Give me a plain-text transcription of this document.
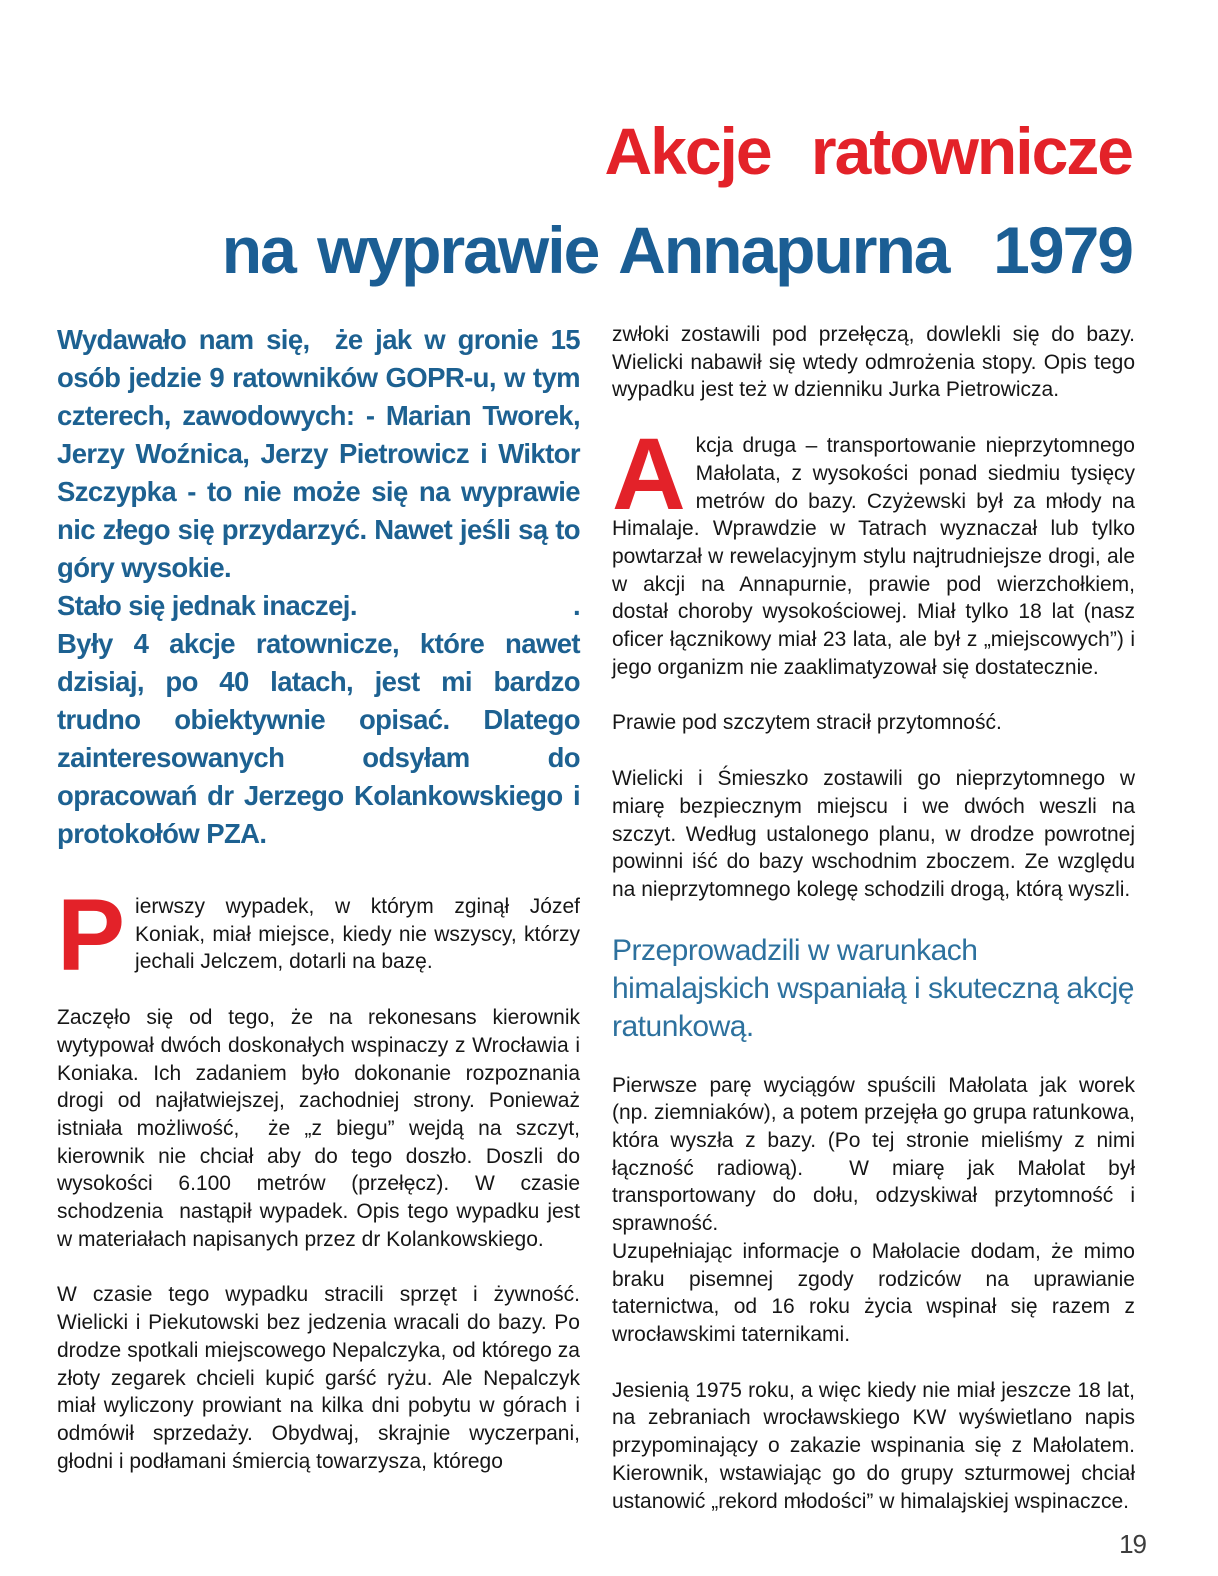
Akcje ratownicze
na wyprawie Annapurna  1979

Wydawało nam się,  że jak w gronie 15 osób jedzie 9 ratowników GOPR-u, w tym czterech, zawodowych: - Marian Tworek, Jerzy Woźnica, Jerzy Pietrowicz i Wiktor Szczypka - to nie może się na wyprawie nic złego się przydarzyć. Nawet jeśli są to góry wysokie.

Stało się jednak inaczej.	.

Były 4 akcje ratownicze, które nawet dzisiaj, po 40 latach, jest mi bardzo trudno obiektywnie opisać. Dlatego zainteresowanych odsyłam do opracowań dr Jerzego Kolankowskiego i protokołów PZA.

Pierwszy wypadek, w którym zginął Józef Koniak, miał miejsce, kiedy nie wszyscy, którzy jechali Jelczem, dotarli na bazę.

Zaczęło się od tego, że na rekonesans kierownik wytypował dwóch doskonałych wspinaczy z Wrocławia i Koniaka. Ich zadaniem było dokonanie rozpoznania drogi od najłatwiejszej, zachodniej strony. Ponieważ istniała możliwość,  że „z biegu” wejdą na szczyt, kierownik nie chciał aby do tego doszło. Doszli do wysokości 6.100 metrów (przełęcz). W czasie schodzenia  nastąpił wypadek. Opis tego wypadku jest w materiałach napisanych przez dr Kolankowskiego.

W czasie tego wypadku stracili sprzęt i żywność. Wielicki i Piekutowski bez jedzenia wracali do bazy. Po drodze spotkali miejscowego Nepalczyka, od którego za złoty zegarek chcieli kupić garść ryżu. Ale Nepalczyk miał wyliczony prowiant na kilka dni pobytu w górach i odmówił sprzedaży. Obydwaj, skrajnie wyczerpani, głodni i podłamani śmiercią towarzysza, którego

zwłoki zostawili pod przełęczą, dowlekli się do bazy. Wielicki nabawił się wtedy odmrożenia stopy. Opis tego wypadku jest też w dzienniku Jurka Pietrowicza.

Akcja druga – transportowanie nieprzytomnego Małolata, z wysokości ponad siedmiu tysięcy metrów do bazy. Czyżewski był za młody na Himalaje. Wprawdzie w Tatrach wyznaczał lub tylko powtarzał w rewelacyjnym stylu najtrudniejsze drogi, ale w akcji na Annapurnie, prawie pod wierzchołkiem, dostał choroby wysokościowej. Miał tylko 18 lat (nasz oficer łącznikowy miał 23 lata, ale był z „miejscowych”) i jego organizm nie zaaklimatyzował się dostatecznie.

Prawie pod szczytem stracił przytomność.

Wielicki i Śmieszko zostawili go nieprzytomnego w miarę bezpiecznym miejscu i we dwóch weszli na szczyt. Według ustalonego planu, w drodze powrotnej powinni iść do bazy wschodnim zboczem. Ze względu na nieprzytomnego kolegę schodzili drogą, którą wyszli.

Przeprowadzili w warunkach himalajskich wspaniałą i skuteczną akcję ratunkową.

Pierwsze parę wyciągów spuścili Małolata jak worek (np. ziemniaków), a potem przejęła go grupa ratunkowa, która wyszła z bazy. (Po tej stronie mieliśmy z nimi łączność radiową).  W miarę jak Małolat był transportowany do dołu, odzyskiwał przytomność i sprawność.

Uzupełniając informacje o Małolacie dodam, że mimo braku pisemnej zgody rodziców na uprawianie taternictwa, od 16 roku życia wspinał się razem z wrocławskimi taternikami.

Jesienią 1975 roku, a więc kiedy nie miał jeszcze 18 lat, na zebraniach wrocławskiego KW wyświetlano napis przypominający o zakazie wspinania się z Małolatem. Kierownik, wstawiając go do grupy szturmowej chciał ustanowić „rekord młodości” w himalajskiej wspinaczce.

19
